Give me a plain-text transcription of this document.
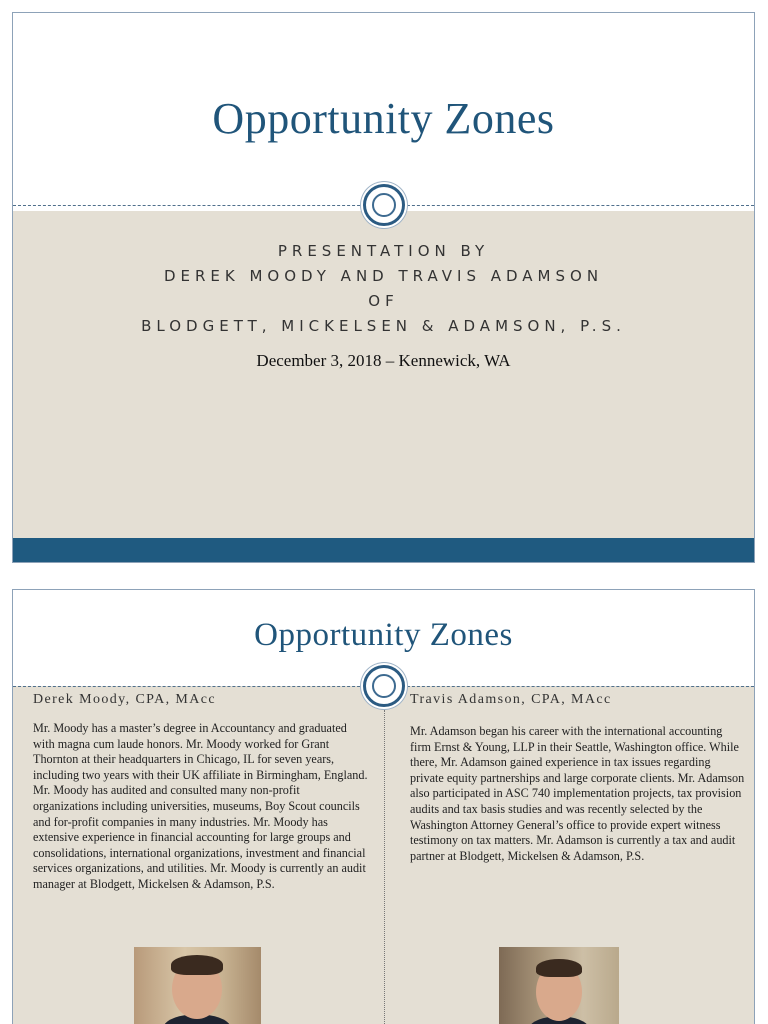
Opportunity Zones
PRESENTATION BY
DEREK MOODY AND TRAVIS ADAMSON
OF
BLODGETT, MICKELSEN & ADAMSON, P.S.
December 3, 2018 – Kennewick, WA
Opportunity Zones
Derek Moody, CPA, MAcc
Mr. Moody has a master’s degree in Accountancy and graduated with magna cum laude honors. Mr. Moody worked for Grant Thornton at their headquarters in Chicago, IL for seven years, including two years with their UK affiliate in Birmingham, England. Mr. Moody has audited and consulted many non-profit organizations including universities, museums, Boy Scout councils and for-profit companies in many industries. Mr. Moody has extensive experience in financial accounting for large groups and consolidations, international organizations, investment and financial services organizations, and utilities. Mr. Moody is currently an audit manager at Blodgett, Mickelsen & Adamson, P.S.
Travis Adamson, CPA, MAcc
Mr. Adamson began his career with the international accounting firm Ernst & Young, LLP in their Seattle, Washington office. While there, Mr. Adamson gained experience in tax issues regarding private equity partnerships and large corporate clients. Mr. Adamson also participated in ASC 740 implementation projects, tax provision audits and tax basis studies and was recently selected by the Washington Attorney General’s office to provide expert witness testimony on tax matters. Mr. Adamson is currently a tax and audit partner at Blodgett, Mickelsen & Adamson, P.S.
